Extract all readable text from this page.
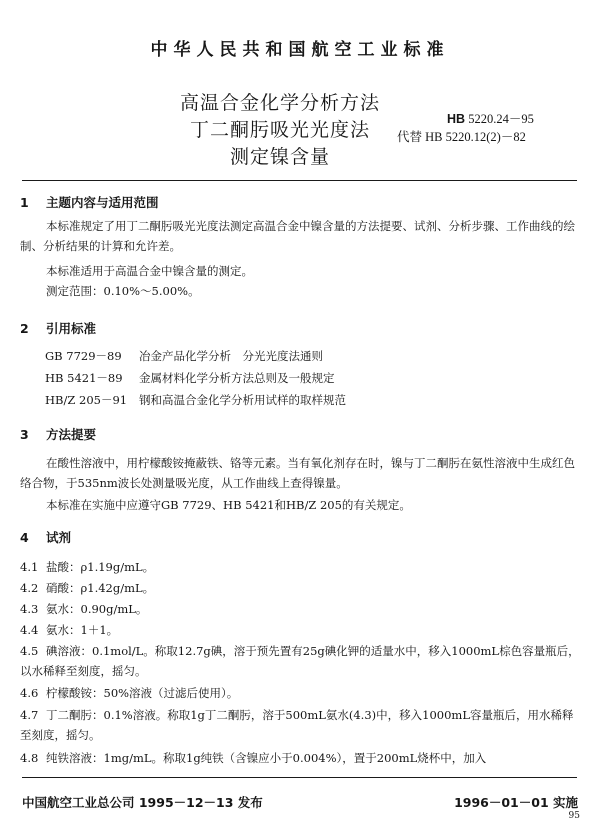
中华人民共和国航空工业标准
高温合金化学分析方法
丁二酮肟吸光光度法
测定镍含量
HB 5220.24－95
代替 HB 5220.12(2)－82
1 主题内容与适用范围
本标准规定了用丁二酮肟吸光光度法测定高温合金中镍含量的方法提要、试剂、分析步骤、工作曲线的绘制、分析结果的计算和允许差。
本标准适用于高温合金中镍含量的测定。
测定范围：0.10%～5.00%。
2 引用标准
GB 7729－89 冶金产品化学分析　分光光度法通则
HB 5421－89 金属材料化学分析方法总则及一般规定
HB/Z 205－91 钢和高温合金化学分析用试样的取样规范
3 方法提要
在酸性溶液中，用柠檬酸铵掩蔽铁、铬等元素。当有氧化剂存在时，镍与丁二酮肟在氨性溶液中生成红色络合物，于535nm波长处测量吸光度，从工作曲线上查得镍量。
本标准在实施中应遵守GB 7729、HB 5421和HB/Z 205的有关规定。
4 试剂
4.1 盐酸：ρ1.19g/mL。
4.2 硝酸：ρ1.42g/mL。
4.3 氨水：0.90g/mL。
4.4 氨水：1＋1。
4.5 碘溶液：0.1mol/L。称取12.7g碘，溶于预先置有25g碘化钾的适量水中，移入1000mL棕色容量瓶后，以水稀释至刻度，摇匀。
4.6 柠檬酸铵：50%溶液（过滤后使用）。
4.7 丁二酮肟：0.1%溶液。称取1g丁二酮肟，溶于500mL氨水(4.3)中，移入1000mL容量瓶后，用水稀释至刻度，摇匀。
4.8 纯铁溶液：1mg/mL。称取1g纯铁（含镍应小于0.004%），置于200mL烧杯中，加入
中国航空工业总公司 1995－12－13 发布	1996－01－01 实施
95
